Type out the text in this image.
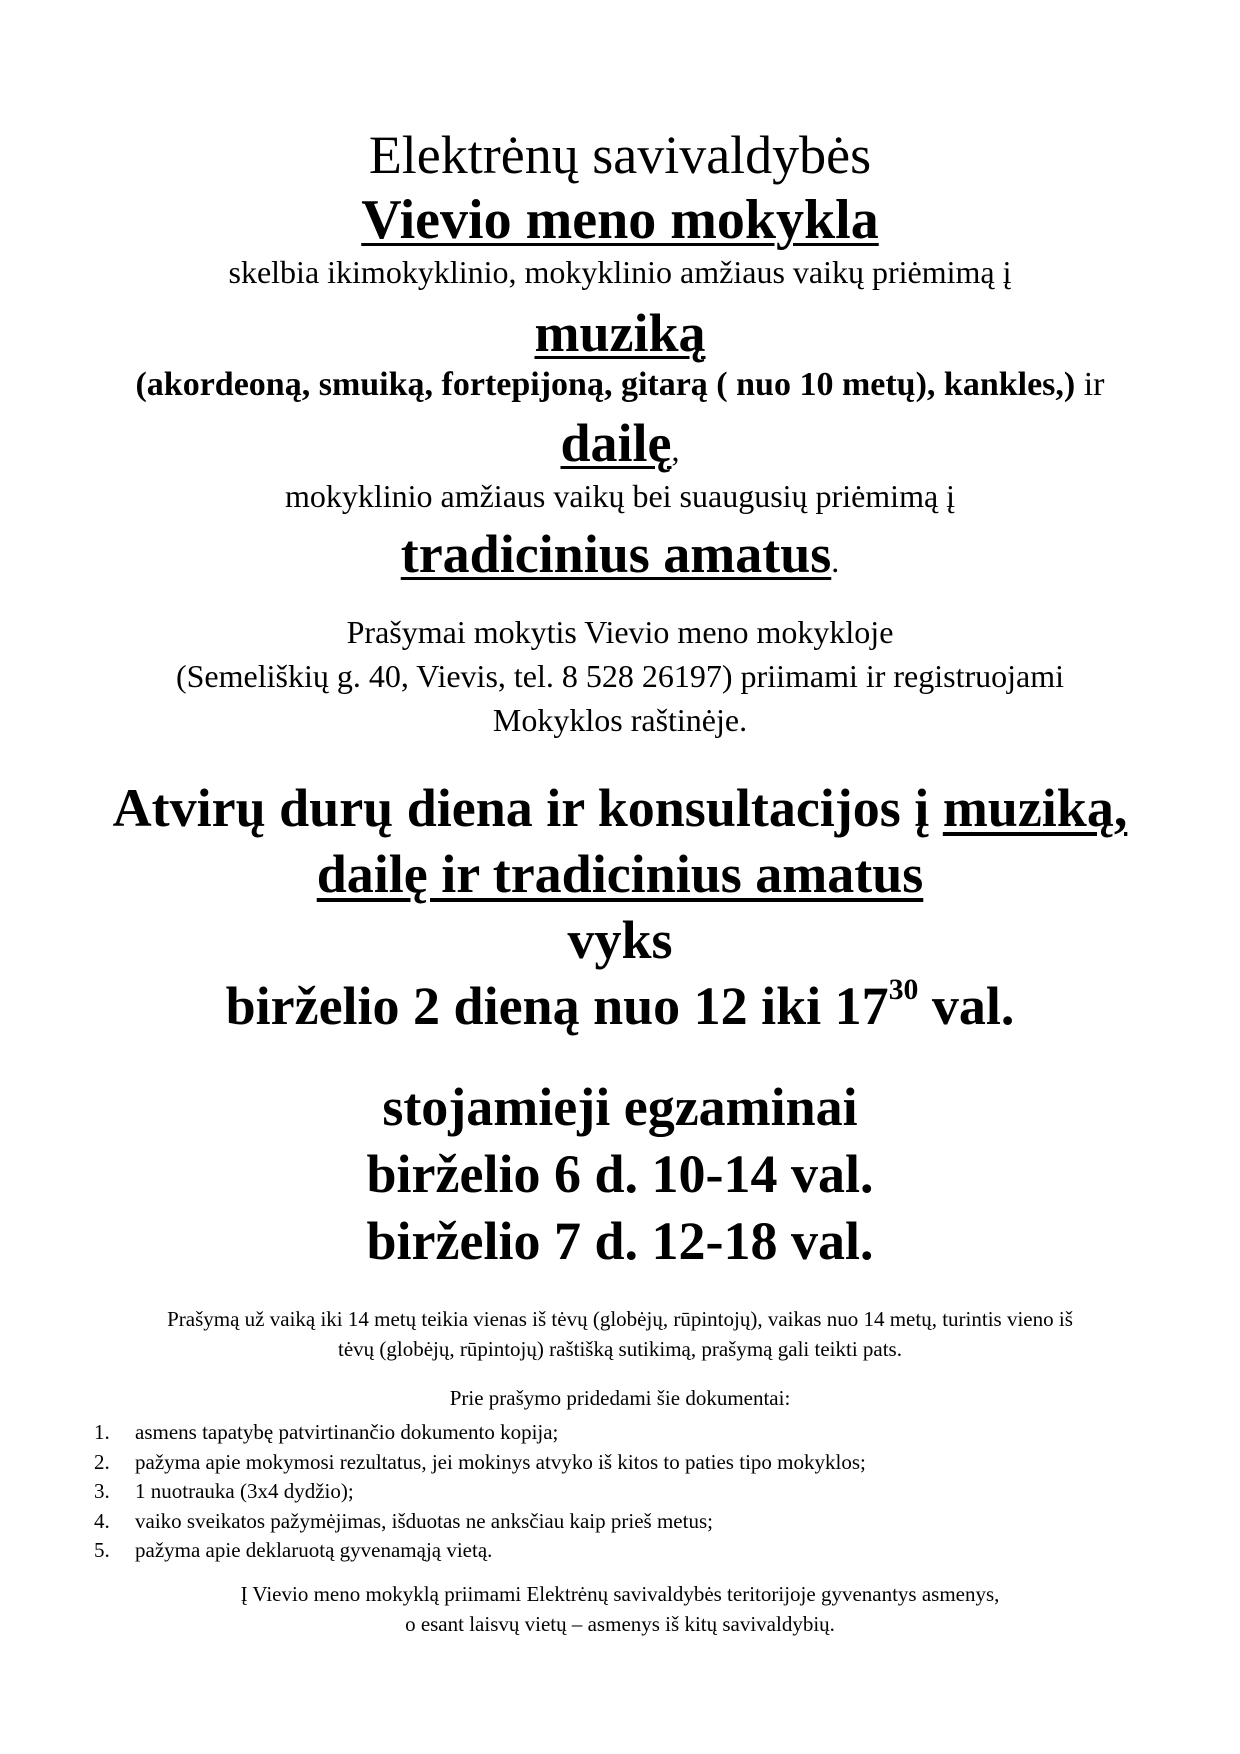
Elektrėnų savivaldybės
Vievio meno mokykla
skelbia ikimokyklinio, mokyklinio amžiaus vaikų priėmimą į
muziką
(akordeoną, smuiką, fortepijoną, gitarą ( nuo 10 metų), kankles,) ir
dailę,
mokyklinio amžiaus vaikų bei suaugusių priėmimą į
tradicinius amatus.
Prašymai mokytis Vievio meno mokykloje
(Semeliškių g. 40, Vievis, tel. 8 528 26197) priimami ir registruojami
Mokyklos raštinėje.
Atvirų durų diena ir konsultacijos į muziką,
dailę ir tradicinius amatus
vyks
birželio 2 dieną nuo 12 iki $17^{30}$ val.
stojamieji egzaminai
birželio 6 d. 10-14 val.
birželio 7 d. 12-18 val.
Prašymą už vaiką iki 14 metų teikia vienas iš tėvų (globėjų, rūpintojų), vaikas nuo 14 metų, turintis vieno iš
tėvų (globėjų, rūpintojų) raštišką sutikimą, prašymą gali teikti pats.
Prie prašymo pridedami šie dokumentai:
1. asmens tapatybę patvirtinančio dokumento kopija;
2. pažyma apie mokymosi rezultatus, jei mokinys atvyko iš kitos to paties tipo mokyklos;
3. 1 nuotrauka (3x4 dydžio);
4. vaiko sveikatos pažymėjimas, išduotas ne anksčiau kaip prieš metus;
5. pažyma apie deklaruotą gyvenamąją vietą.
Į Vievio meno mokyklą priimami Elektrėnų savivaldybės teritorijoje gyvenantys asmenys,
o esant laisvų vietų – asmenys iš kitų savivaldybių.
